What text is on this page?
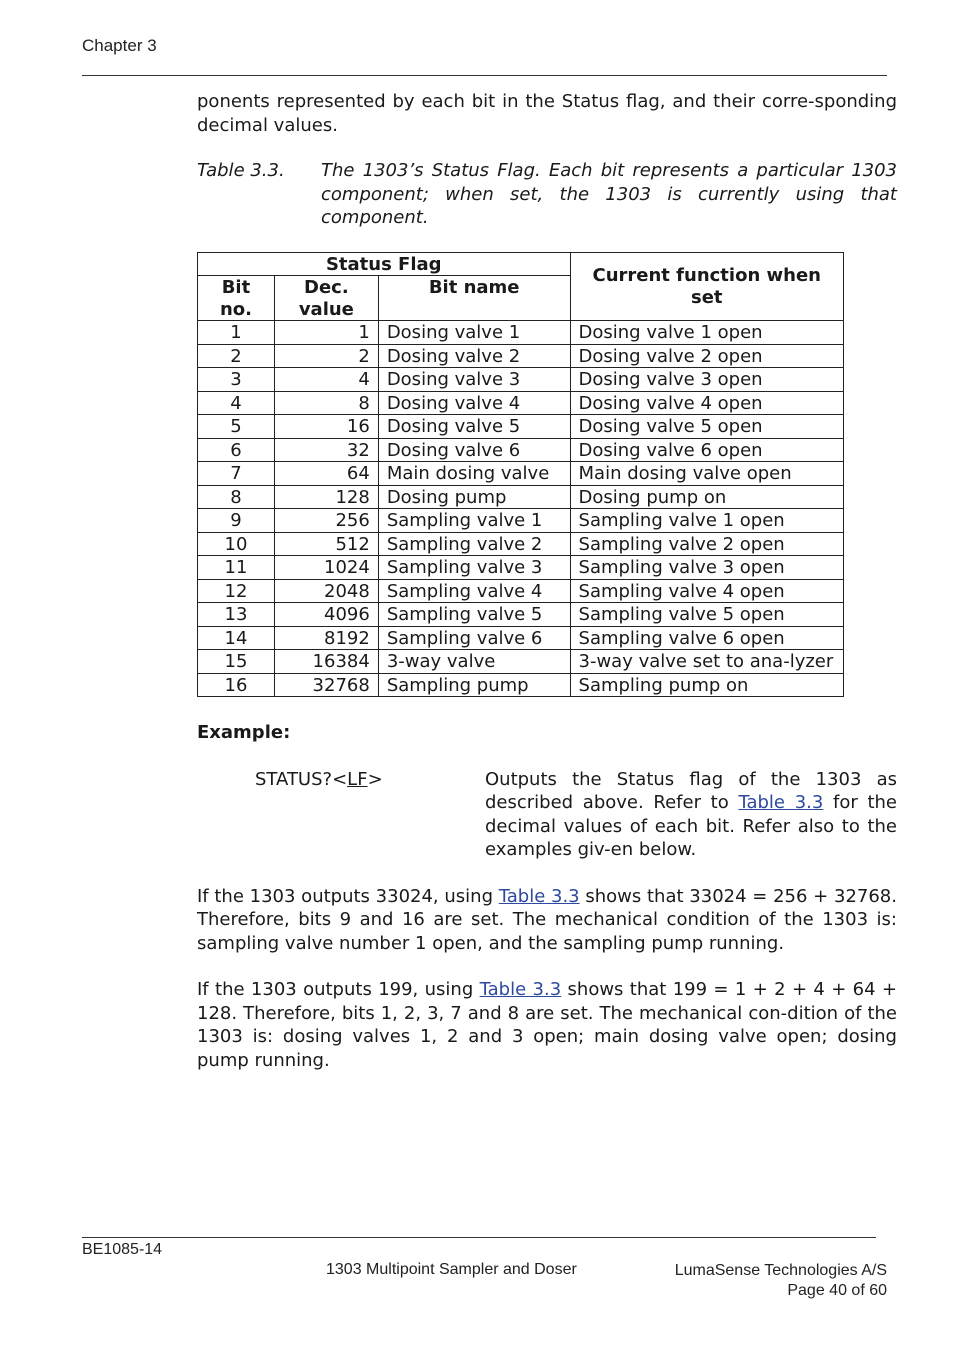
Chapter 3

ponents represented by each bit in the Status flag, and their corre-sponding decimal values.

Table 3.3.	The 1303’s Status Flag. Each bit represents a particular 1303 component; when set, the 1303 is currently using that component.
Status Flag			Current function when set
Bit no.	Dec. value	Bit name	
1	1	Dosing valve 1	Dosing valve 1 open
2	2	Dosing valve 2	Dosing valve 2 open
3	4	Dosing valve 3	Dosing valve 3 open
4	8	Dosing valve 4	Dosing valve 4 open
5	16	Dosing valve 5	Dosing valve 5 open
6	32	Dosing valve 6	Dosing valve 6 open
7	64	Main dosing valve	Main dosing valve open
8	128	Dosing pump	Dosing pump on
9	256	Sampling valve 1	Sampling valve 1 open
10	512	Sampling valve 2	Sampling valve 2 open
11	1024	Sampling valve 3	Sampling valve 3 open
12	2048	Sampling valve 4	Sampling valve 4 open
13	4096	Sampling valve 5	Sampling valve 5 open
14	8192	Sampling valve 6	Sampling valve 6 open
15	16384	3-way valve	3-way valve set to ana-lyzer
16	32768	Sampling pump	Sampling pump on
Example:
STATUS?<LF>	Outputs the Status flag of the 1303 as described above. Refer to Table 3.3 for the decimal values of each bit. Refer also to the examples giv-en below.

If the 1303 outputs 33024, using Table 3.3 shows that 33024 = 256 + 32768. Therefore, bits 9 and 16 are set. The mechanical condition of the 1303 is: sampling valve number 1 open, and the sampling pump running.

If the 1303 outputs 199, using Table 3.3 shows that 199 = 1 + 2 + 4 + 64 + 128. Therefore, bits 1, 2, 3, 7 and 8 are set. The mechanical con-dition of the 1303 is: dosing valves 1, 2 and 3 open; main dosing valve open; dosing pump running.

BE1085-14
1303 Multipoint Sampler and Doser	LumaSense Technologies A/S
Page 40 of 60
